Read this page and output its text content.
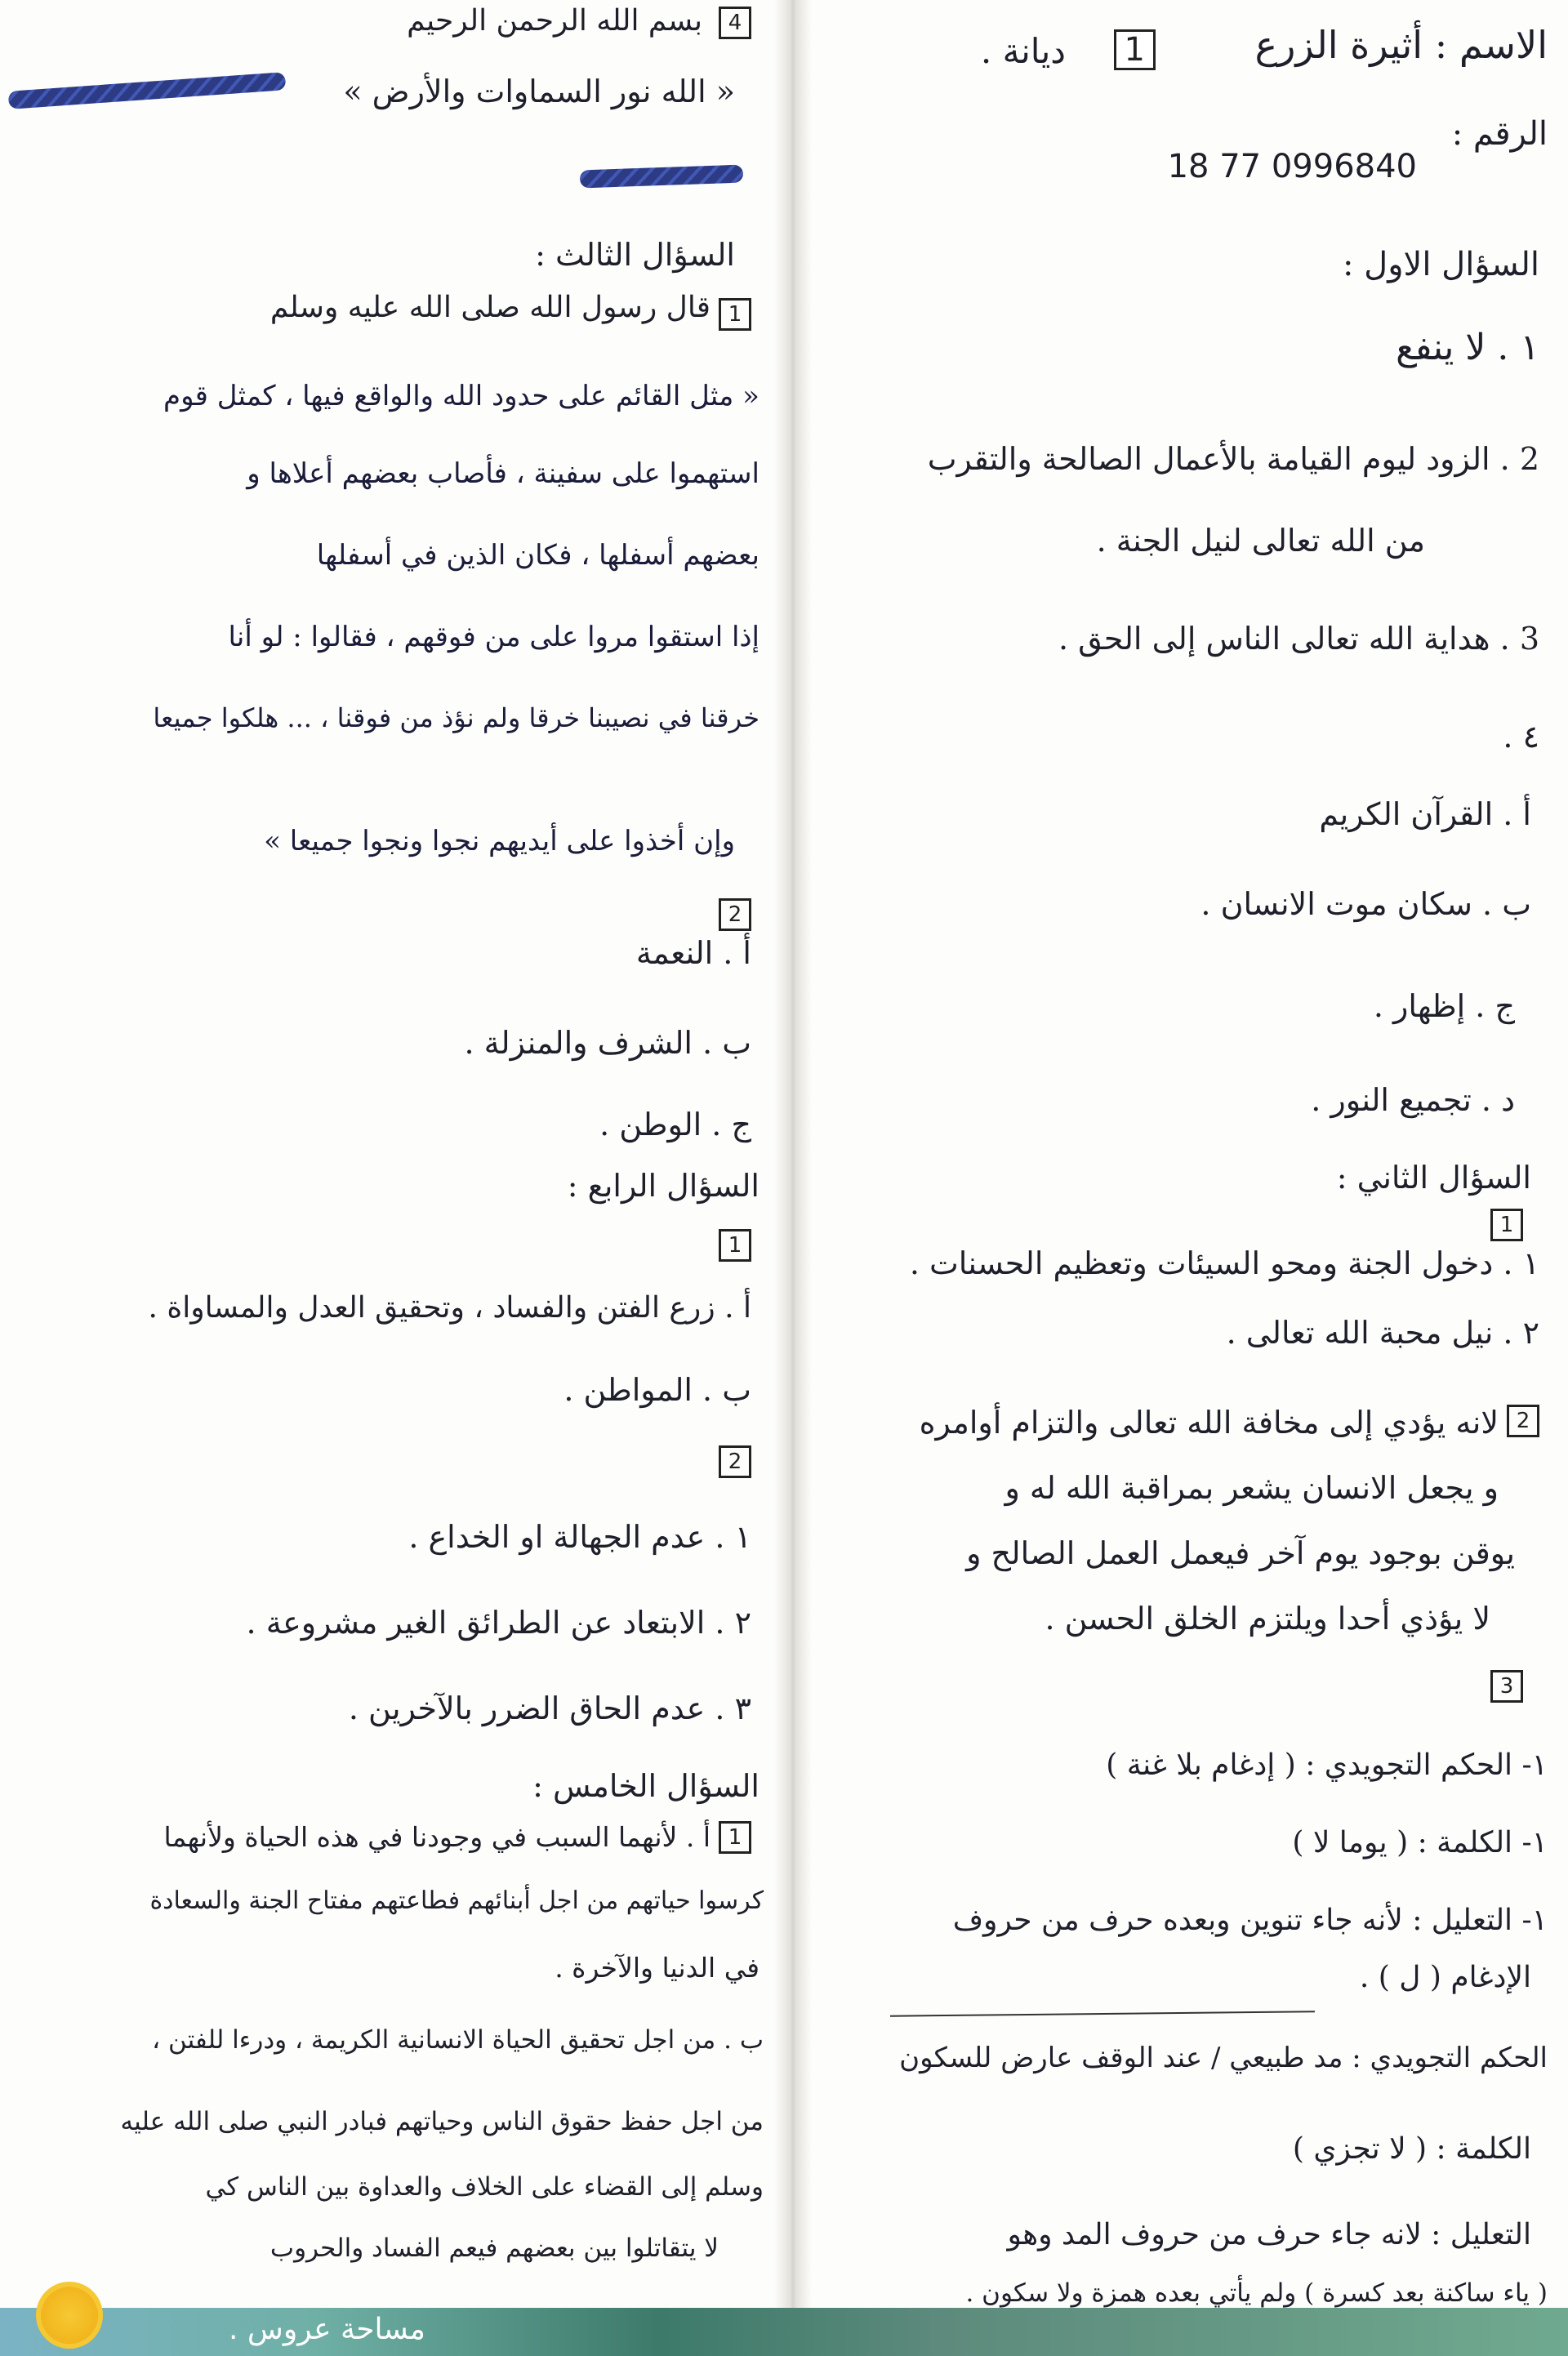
الاسم : أثيرة الزرع

1

ديانة .

الرقم :

0996840 77 18

السؤال الاول :

١ . لا ينفع

2 . الزود ليوم القيامة بالأعمال الصالحة والتقرب

من الله تعالى لنيل الجنة .

3 . هداية الله تعالى الناس إلى الحق .

٤ .

أ . القرآن الكريم

ب . سكان موت الانسان .

ج . إظهار .

د . تجميع النور .

السؤال الثاني :

1

١ . دخول الجنة ومحو السيئات وتعظيم الحسنات .

٢ . نيل محبة الله تعالى .

2

لانه يؤدي إلى مخافة الله تعالى والتزام أوامره

و يجعل الانسان يشعر بمراقبة الله له و

يوقن بوجود يوم آخر فيعمل العمل الصالح و

لا يؤذي أحدا ويلتزم الخلق الحسن .

3

١- الحكم التجويدي : ( إدغام بلا غنة )

١- الكلمة : ( يوما لا )

١- التعليل : لأنه جاء تنوين وبعده حرف من حروف

الإدغام ( ل ) .

الحكم التجويدي : مد طبيعي / عند الوقف عارض للسكون

الكلمة : ( لا تجزي )

التعليل : لانه جاء حرف من حروف المد وهو

( ياء ساكنة بعد كسرة ) ولم يأتي بعده همزة ولا سكون .

4

بسم الله الرحمن الرحيم

« الله نور السماوات والأرض »

السؤال الثالث :

1

قال رسول الله صلى الله عليه وسلم

« مثل القائم على حدود الله والواقع فيها ، كمثل قوم

استهموا على سفينة ، فأصاب بعضهم أعلاها و

بعضهم أسفلها ، فكان الذين في أسفلها

إذا استقوا مروا على من فوقهم ، فقالوا : لو أنا

خرقنا في نصيبنا خرقا ولم نؤذ من فوقنا ، ... هلكوا جميعا

وإن أخذوا على أيديهم نجوا ونجوا جميعا »

2

أ . النعمة

ب . الشرف والمنزلة .

ج . الوطن .

السؤال الرابع :

1

أ . زرع الفتن والفساد ، وتحقيق العدل والمساواة .

ب . المواطن .

2

١ . عدم الجهالة او الخداع .

٢ . الابتعاد عن الطرائق الغير مشروعة .

٣ . عدم الحاق الضرر بالآخرين .

السؤال الخامس :

1

أ . لأنهما السبب في وجودنا في هذه الحياة ولأنهما

كرسوا حياتهم من اجل أبنائهم فطاعتهم مفتاح الجنة والسعادة

في الدنيا والآخرة .

ب . من اجل تحقيق الحياة الانسانية الكريمة ، ودرءا للفتن ،

من اجل حفظ حقوق الناس وحياتهم فبادر النبي صلى الله عليه

وسلم إلى القضاء على الخلاف والعداوة بين الناس كي

لا يتقاتلوا بين بعضهم فيعم الفساد والحروب

مساحة عروس .
